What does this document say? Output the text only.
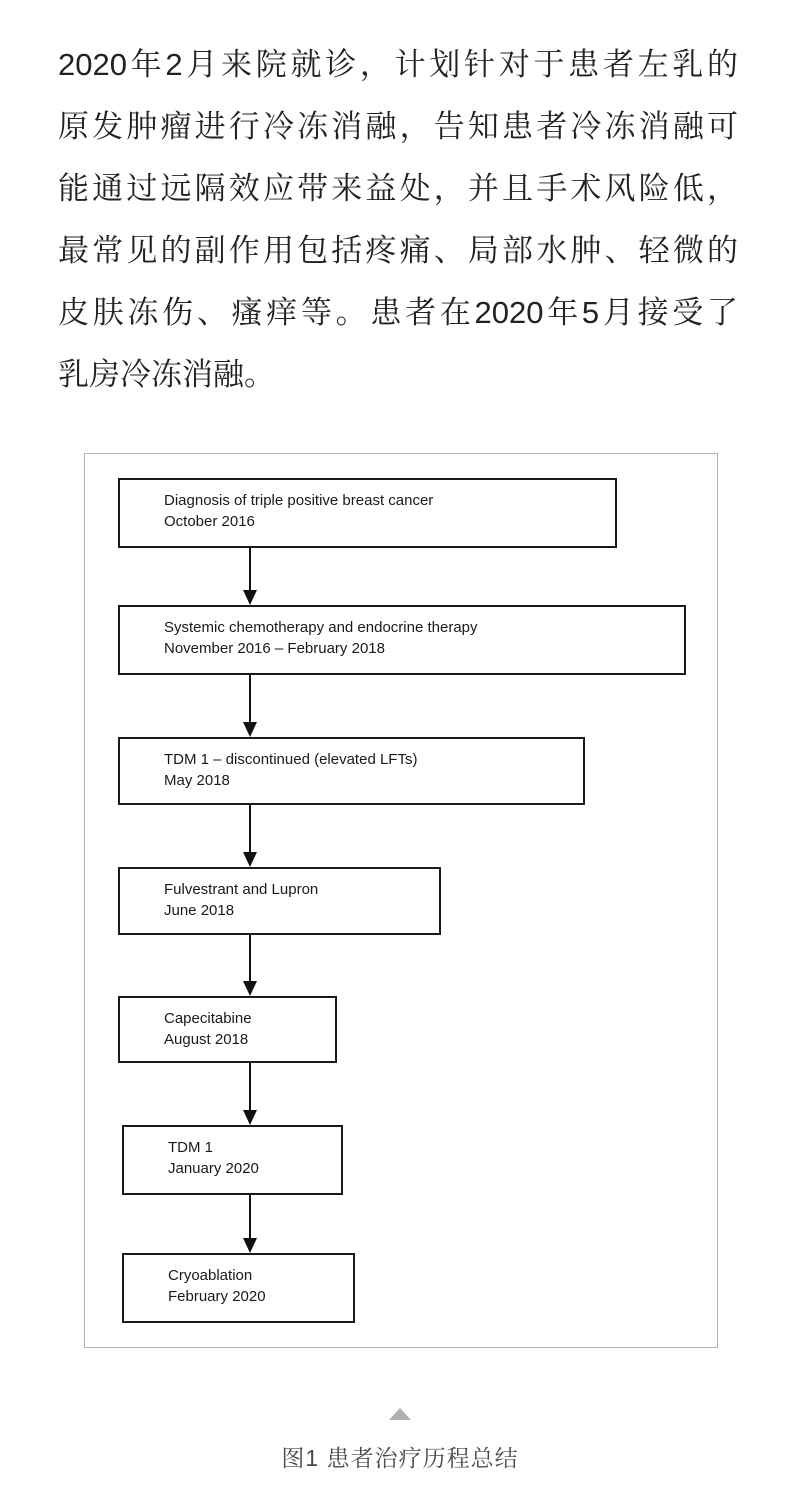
2020年2月来院就诊，计划针对于患者左乳的
原发肿瘤进行冷冻消融，告知患者冷冻消融可
能通过远隔效应带来益处，并且手术风险低，
最常见的副作用包括疼痛、局部水肿、轻微的
皮肤冻伤、瘙痒等。患者在2020年5月接受了
乳房冷冻消融。
Diagnosis of triple positive breast cancer
October 2016
Systemic chemotherapy and endocrine therapy
November 2016 – February 2018
TDM 1 – discontinued (elevated LFTs)
May 2018
Fulvestrant and Lupron
June 2018
Capecitabine
August 2018
TDM 1
January 2020
Cryoablation
February 2020
图1 患者治疗历程总结
